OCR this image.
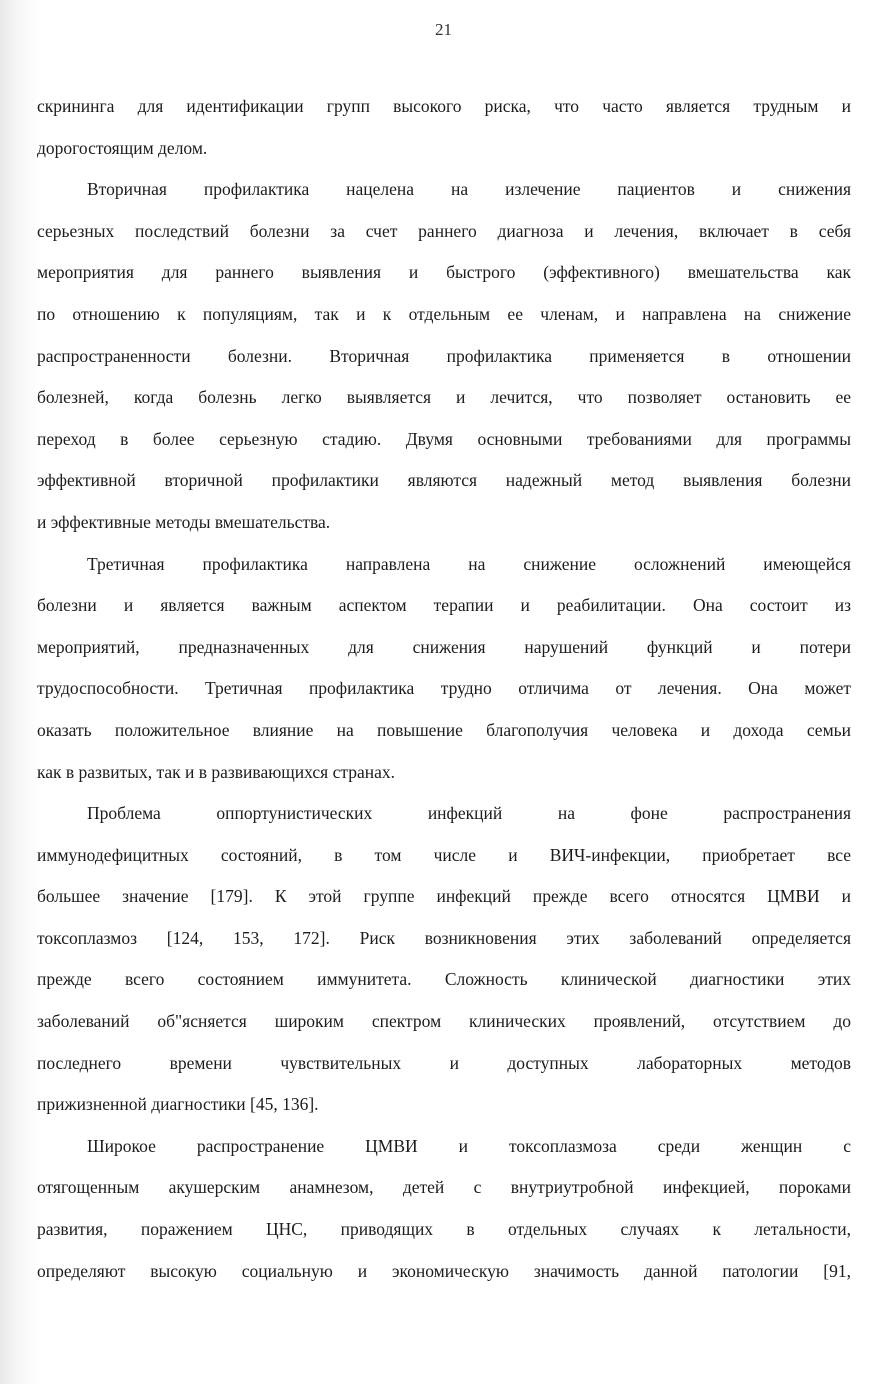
21
скрининга для идентификации групп высокого риска, что часто является трудным и
дорогостоящим делом.
Вторичная профилактика нацелена на излечение пациентов и снижения
серьезных последствий болезни за счет раннего диагноза и лечения, включает в себя
мероприятия для раннего выявления и быстрого (эффективного) вмешательства как
по отношению к популяциям, так и к отдельным ее членам, и направлена на снижение
распространенности болезни. Вторичная профилактика применяется в отношении
болезней, когда болезнь легко выявляется и лечится, что позволяет остановить ее
переход в более серьезную стадию. Двумя основными требованиями для программы
эффективной вторичной профилактики являются надежный метод выявления болезни
и эффективные методы вмешательства.
Третичная профилактика направлена на снижение осложнений имеющейся
болезни и является важным аспектом терапии и реабилитации. Она состоит из
мероприятий, предназначенных для снижения нарушений функций и потери
трудоспособности. Третичная профилактика трудно отличима от лечения. Она может
оказать положительное влияние на повышение благополучия человека и дохода семьи
как в развитых, так и в развивающихся странах.
Проблема оппортунистических инфекций на фоне распространения
иммунодефицитных состояний, в том числе и ВИЧ-инфекции, приобретает все
большее значение [179]. К этой группе инфекций прежде всего относятся ЦМВИ и
токсоплазмоз [124, 153, 172]. Риск возникновения этих заболеваний определяется
прежде всего состоянием иммунитета. Сложность клинической диагностики этих
заболеваний об"ясняется широким спектром клинических проявлений, отсутствием до
последнего времени чувствительных и доступных лабораторных методов
прижизненной диагностики [45, 136].
Широкое распространение ЦМВИ и токсоплазмоза среди женщин с
отягощенным акушерским анамнезом, детей с внутриутробной инфекцией, пороками
развития, поражением ЦНС, приводящих в отдельных случаях к летальности,
определяют высокую социальную и экономическую значимость данной патологии [91,
